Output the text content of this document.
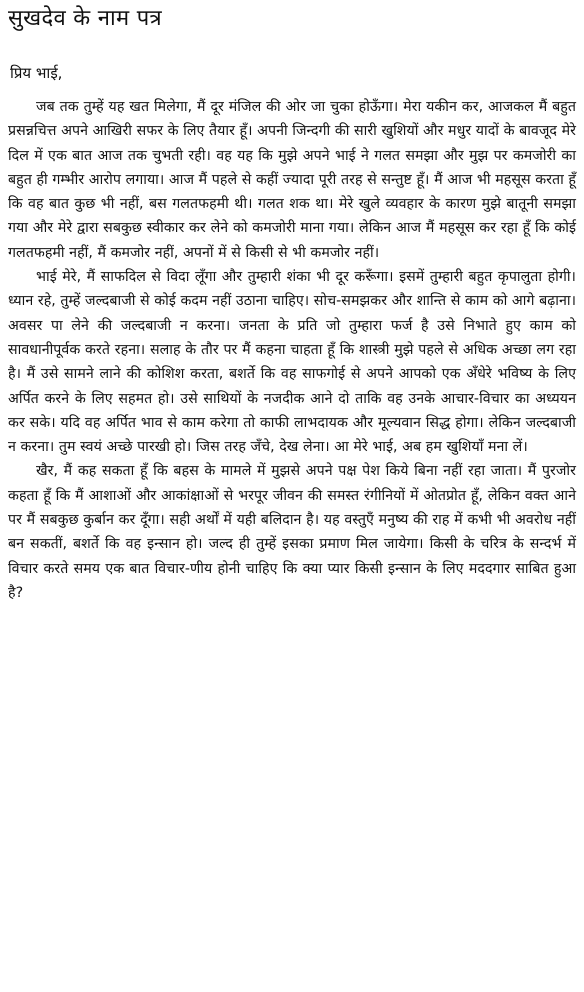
सुखदेव के नाम पत्र

प्रिय भाई,

जब तक तुम्हें यह खत मिलेगा, मैं दूर मंजिल की ओर जा चुका होऊँगा। मेरा यकीन कर, आजकल मैं बहुत प्रसन्नचित्त अपने आखिरी सफर के लिए तैयार हूँ। अपनी जिन्दगी की सारी खुशियों और मधुर यादों के बावजूद मेरे दिल में एक बात आज तक चुभती रही। वह यह कि मुझे अपने भाई ने गलत समझा और मुझ पर कमजोरी का बहुत ही गम्भीर आरोप लगाया। आज मैं पहले से कहीं ज्यादा पूरी तरह से सन्तुष्ट हूँ। मैं आज भी महसूस करता हूँ कि वह बात कुछ भी नहीं, बस गलतफहमी थी। गलत शक था। मेरे खुले व्यवहार के कारण मुझे बातूनी समझा गया और मेरे द्वारा सबकुछ स्वीकार कर लेने को कमजोरी माना गया। लेकिन आज मैं महसूस कर रहा हूँ कि कोई गलतफहमी नहीं, मैं कमजोर नहीं, अपनों में से किसी से भी कमजोर नहीं।

भाई मेरे, मैं साफदिल से विदा लूँगा और तुम्हारी शंका भी दूर करूँगा। इसमें तुम्हारी बहुत कृपालुता होगी। ध्यान रहे, तुम्हें जल्दबाजी से कोई कदम नहीं उठाना चाहिए। सोच-समझकर और शान्ति से काम को आगे बढ़ाना। अवसर पा लेने की जल्दबाजी न करना। जनता के प्रति जो तुम्हारा फर्ज है उसे निभाते हुए काम को सावधानीपूर्वक करते रहना। सलाह के तौर पर मैं कहना चाहता हूँ कि शास्त्री मुझे पहले से अधिक अच्छा लग रहा है। मैं उसे सामने लाने की कोशिश करता, बशर्ते कि वह साफगोई से अपने आपको एक अँधेरे भविष्य के लिए अर्पित करने के लिए सहमत हो। उसे साथियों के नजदीक आने दो ताकि वह उनके आचार-विचार का अध्ययन कर सके। यदि वह अर्पित भाव से काम करेगा तो काफी लाभदायक और मूल्यवान सिद्ध होगा। लेकिन जल्दबाजी न करना। तुम स्वयं अच्छे पारखी हो। जिस तरह जँचे, देख लेना। आ मेरे भाई, अब हम खुशियाँ मना लें।

खैर, मैं कह सकता हूँ कि बहस के मामले में मुझसे अपने पक्ष पेश किये बिना नहीं रहा जाता। मैं पुरजोर कहता हूँ कि मैं आशाओं और आकांक्षाओं से भरपूर जीवन की समस्त रंगीनियों में ओतप्रोत हूँ, लेकिन वक्त आने पर मैं सबकुछ कुर्बान कर दूँगा। सही अर्थों में यही बलिदान है। यह वस्तुएँ मनुष्य की राह में कभी भी अवरोध नहीं बन सकतीं, बशर्ते कि वह इन्सान हो। जल्द ही तुम्हें इसका प्रमाण मिल जायेगा। किसी के चरित्र के सन्दर्भ में विचार करते समय एक बात विचार-णीय होनी चाहिए कि क्या प्यार किसी इन्सान के लिए मददगार साबित हुआ है?
